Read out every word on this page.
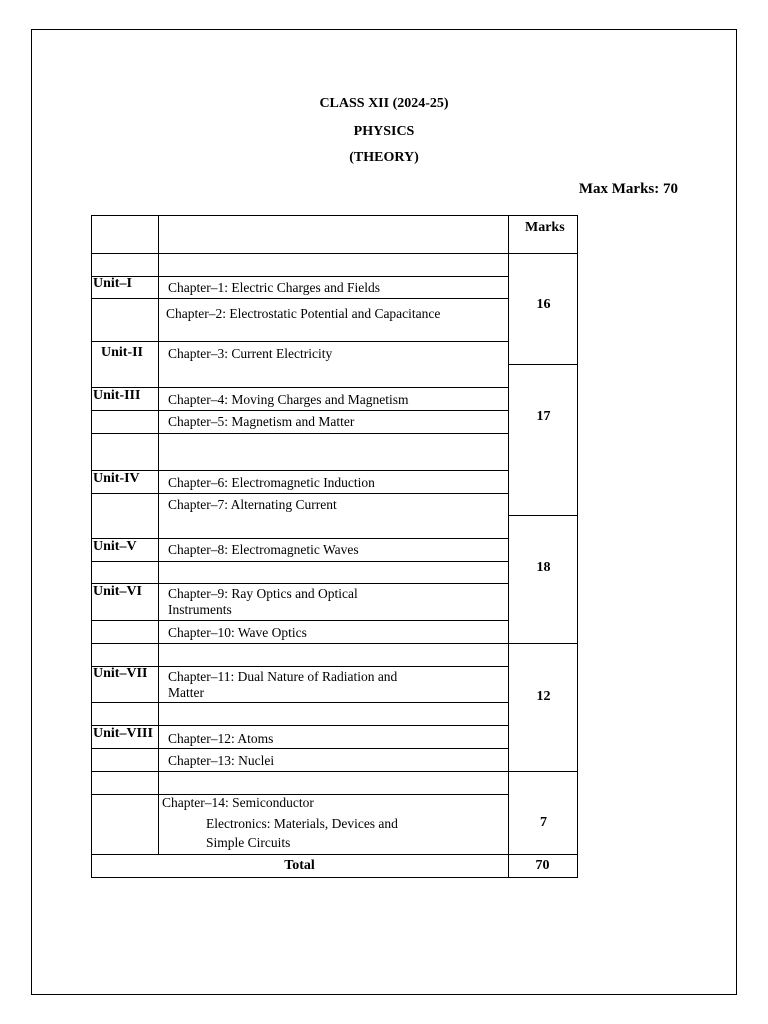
CLASS XII (2024-25)
PHYSICS
(THEORY)
Max Marks: 70
Marks
Unit–I
Unit-II
Unit-III
Unit-IV
Unit–V
Unit–VI
Unit–VII
Unit–VIII
Chapter–1: Electric Charges and Fields
Chapter–2: Electrostatic Potential and Capacitance
Chapter–3: Current Electricity
Chapter–4: Moving Charges and Magnetism
Chapter–5: Magnetism and Matter
Chapter–6: Electromagnetic Induction
Chapter–7: Alternating Current
Chapter–8: Electromagnetic Waves
Chapter–9: Ray Optics and Optical
Instruments
Chapter–10: Wave Optics
Chapter–11: Dual Nature of Radiation and
Matter
Chapter–12: Atoms
Chapter–13: Nuclei
Chapter–14: Semiconductor
Electronics: Materials, Devices and
Simple Circuits
16
17
18
12
7
Total	70
